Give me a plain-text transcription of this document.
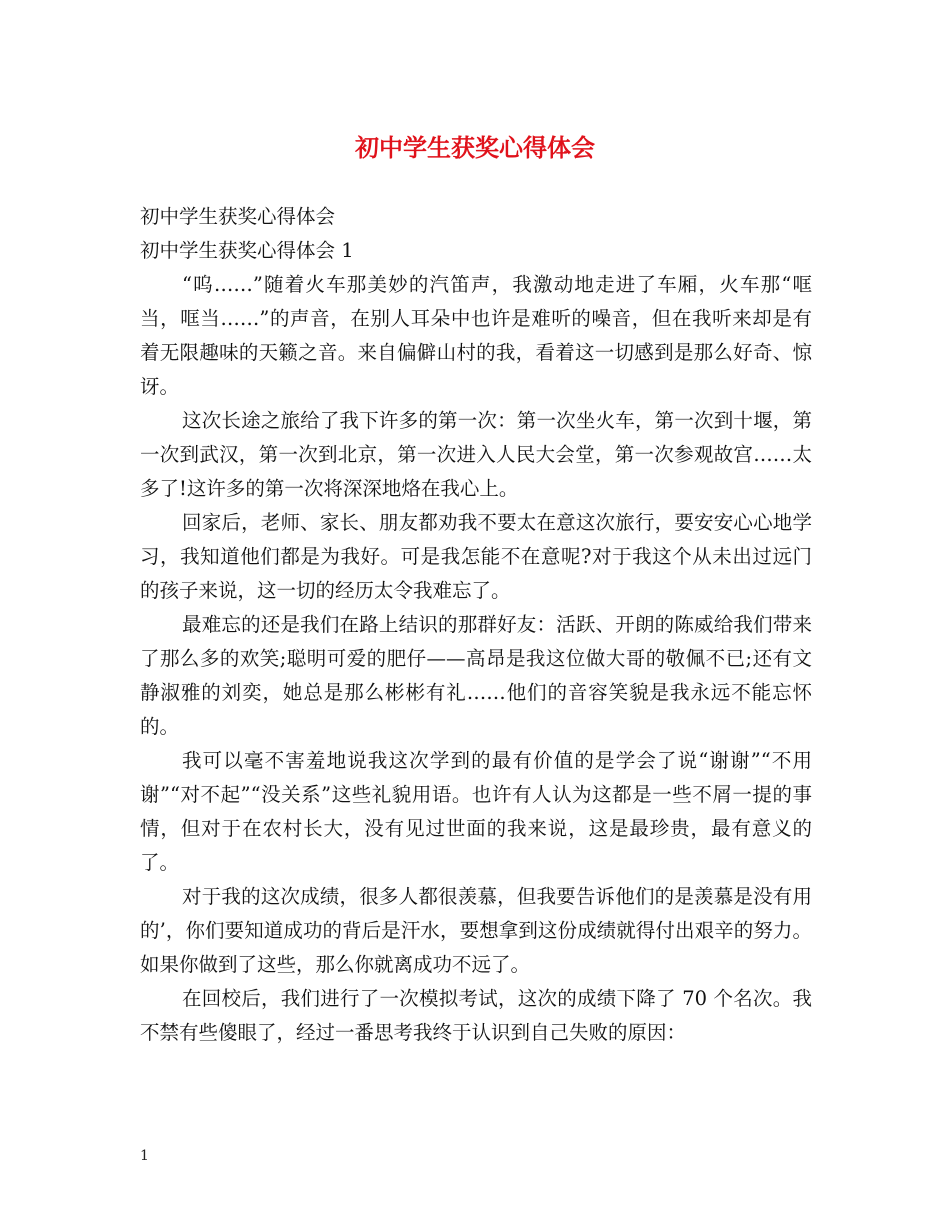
初中学生获奖心得体会

初中学生获奖心得体会

初中学生获奖心得体会 1

“呜……”随着火车那美妙的汽笛声，我激动地走进了车厢，火车那“哐当，哐当……”的声音，在别人耳朵中也许是难听的噪音，但在我听来却是有着无限趣味的天籁之音。来自偏僻山村的我，看着这一切感到是那么好奇、惊讶。

这次长途之旅给了我下许多的第一次：第一次坐火车，第一次到十堰，第一次到武汉，第一次到北京，第一次进入人民大会堂，第一次参观故宫……太多了!这许多的第一次将深深地烙在我心上。

回家后，老师、家长、朋友都劝我不要太在意这次旅行，要安安心心地学习，我知道他们都是为我好。可是我怎能不在意呢?对于我这个从未出过远门的孩子来说，这一切的经历太令我难忘了。

最难忘的还是我们在路上结识的那群好友：活跃、开朗的陈威给我们带来了那么多的欢笑;聪明可爱的肥仔——高昂是我这位做大哥的敬佩不已;还有文静淑雅的刘奕，她总是那么彬彬有礼……他们的音容笑貌是我永远不能忘怀的。

我可以毫不害羞地说我这次学到的最有价值的是学会了说“谢谢”“不用谢”“对不起”“没关系”这些礼貌用语。也许有人认为这都是一些不屑一提的事情，但对于在农村长大，没有见过世面的我来说，这是最珍贵，最有意义的了。

对于我的这次成绩，很多人都很羡慕，但我要告诉他们的是羡慕是没有用的’，你们要知道成功的背后是汗水，要想拿到这份成绩就得付出艰辛的努力。如果你做到了这些，那么你就离成功不远了。

在回校后，我们进行了一次模拟考试，这次的成绩下降了 70 个名次。我不禁有些傻眼了，经过一番思考我终于认识到自己失败的原因：

1
